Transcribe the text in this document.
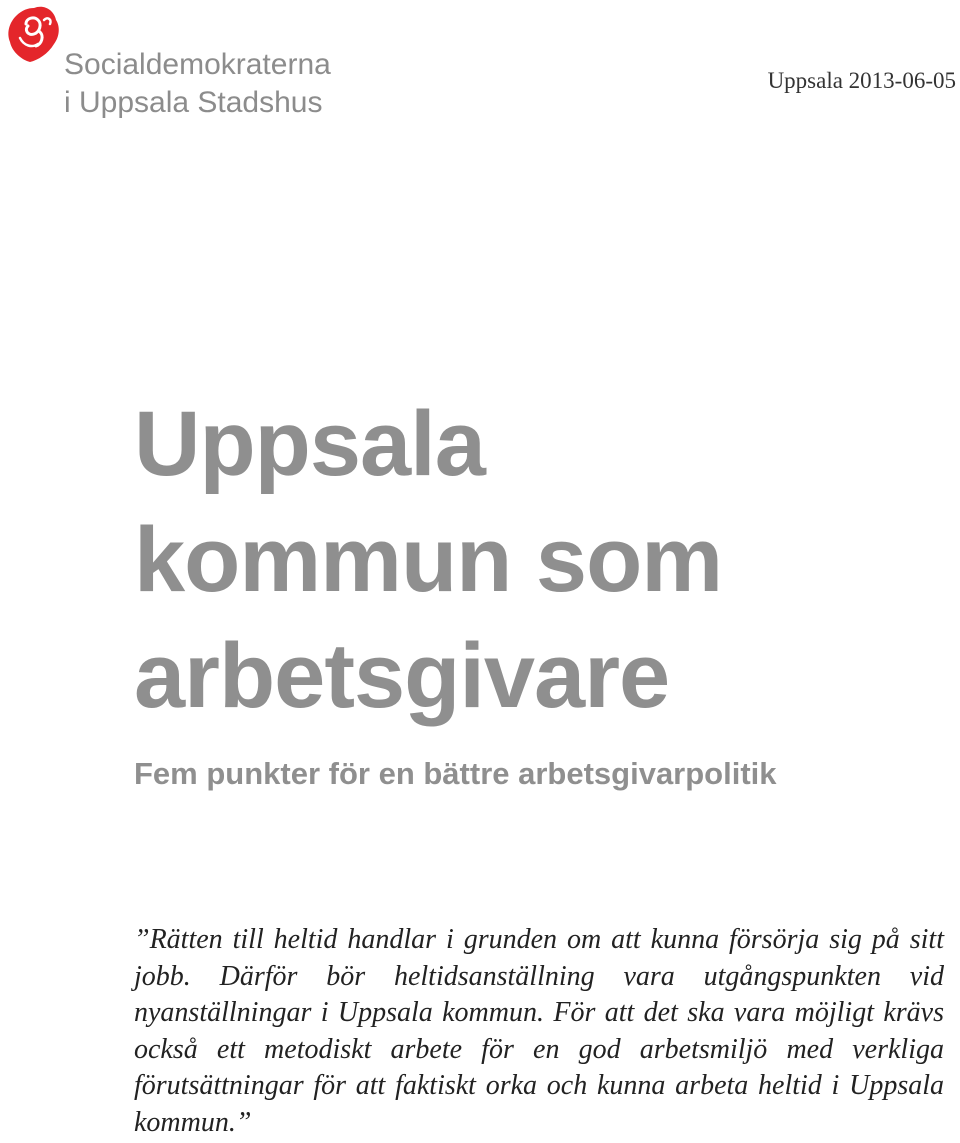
Socialdemokraterna
i Uppsala Stadshus
Uppsala 2013-06-05
Uppsala
kommun som
arbetsgivare
Fem punkter för en bättre arbetsgivarpolitik

”Rätten till heltid handlar i grunden om att kunna försörja sig på sitt jobb. Därför bör heltidsanställning vara utgångspunkten vid nyanställningar i Uppsala kommun. För att det ska vara möjligt krävs också ett metodiskt arbete för en god arbetsmiljö med verkliga förutsättningar för att faktiskt orka och kunna arbeta heltid i Uppsala kommun.”
